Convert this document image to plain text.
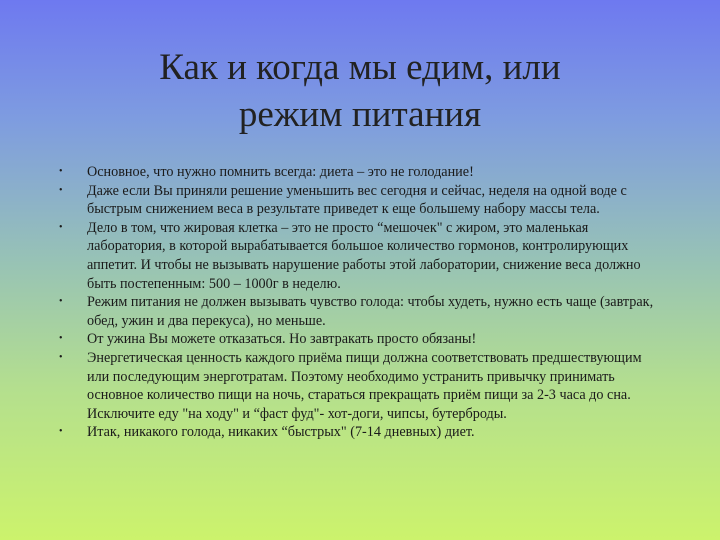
Как и когда мы едим, или
режим питания
• Основное, что нужно помнить всегда: диета – это не голодание!
• Даже если Вы приняли решение уменьшить вес сегодня и сейчас, неделя на одной воде с быстрым снижением веса в результате приведет к еще большему набору массы тела.
• Дело в том, что жировая клетка – это не просто “мешочек" с жиром, это маленькая лаборатория, в которой вырабатывается большое количество гормонов, контролирующих аппетит. И чтобы не вызывать нарушение работы этой лаборатории, снижение веса должно быть постепенным: 500 – 1000г в неделю.
• Режим питания не должен вызывать чувство голода: чтобы худеть, нужно есть чаще (завтрак, обед, ужин и два перекуса), но меньше.
• От ужина Вы можете отказаться. Но завтракать просто обязаны!
• Энергетическая ценность каждого приёма пищи должна соответствовать предшествующим или последующим энерготратам. Поэтому необходимо устранить привычку принимать основное количество пищи на ночь, стараться прекращать приём пищи за 2-3 часа до сна. Исключите еду "на ходу" и “фаст фуд"- хот-доги, чипсы, бутерброды.
• Итак, никакого голода, никаких “быстрых" (7-14 дневных) диет.
